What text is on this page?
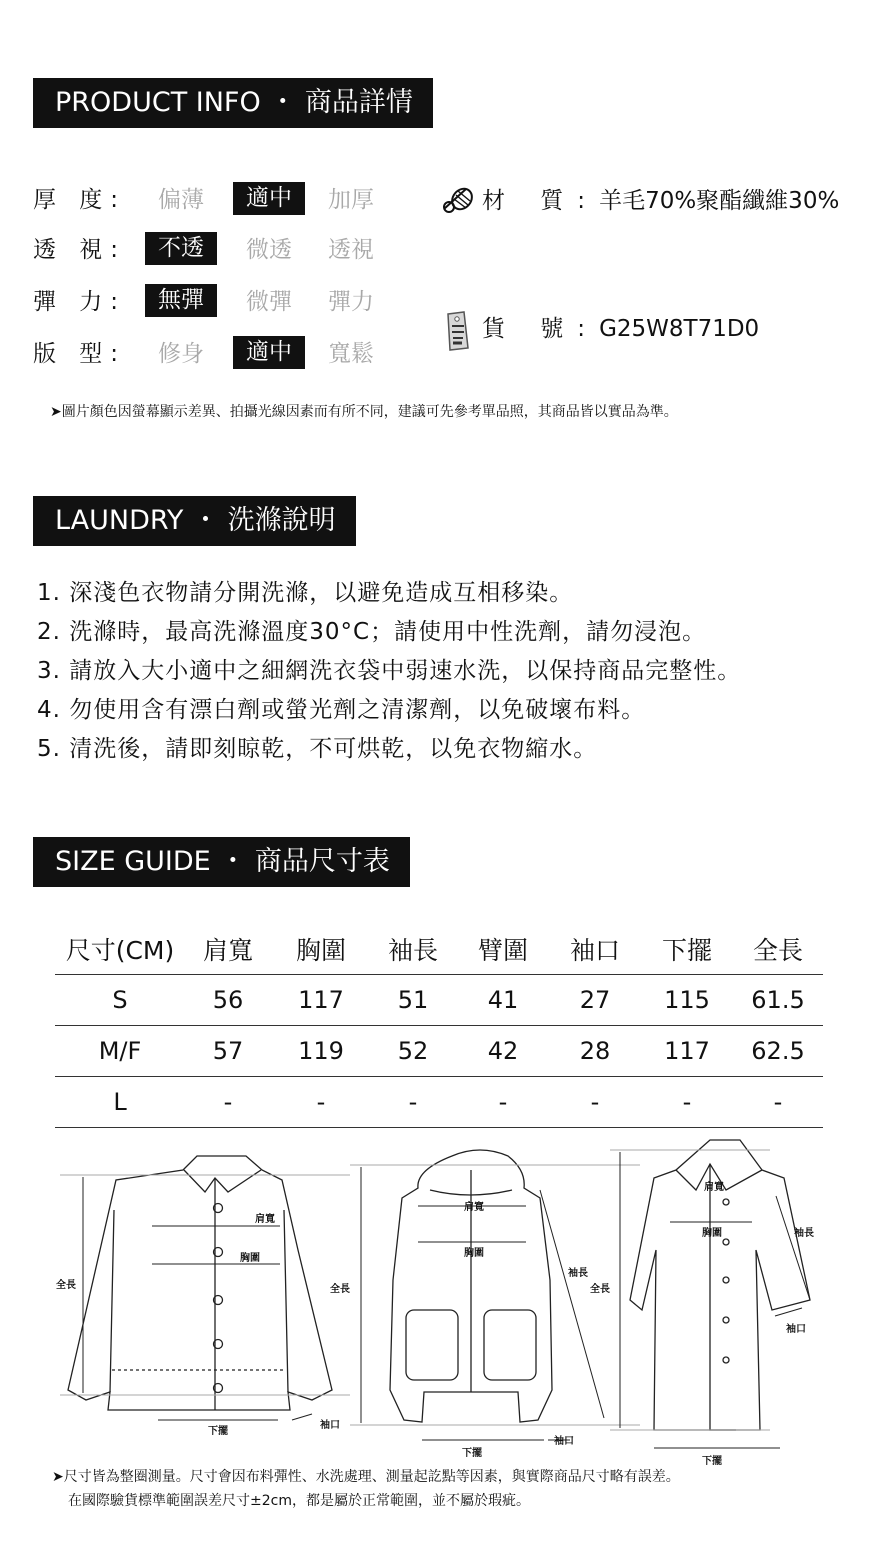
PRODUCT INFO ・ 商品詳情
厚 度:	偏薄	適中	加厚
透 視:	不透	微透	透視
彈 力:	無彈	微彈	彈力
版 型:	修身	適中	寬鬆
材 質:羊毛70%聚酯纖維30%
貨 號:G25W8T71D0
➤圖片顏色因螢幕顯示差異、拍攝光線因素而有所不同，建議可先參考單品照，其商品皆以實品為準。
LAUNDRY ・ 洗滌說明
1. 深淺色衣物請分開洗滌，以避免造成互相移染。
2. 洗滌時，最高洗滌溫度30°C；請使用中性洗劑，請勿浸泡。
3. 請放入大小適中之細網洗衣袋中弱速水洗，以保持商品完整性。
4. 勿使用含有漂白劑或螢光劑之清潔劑，以免破壞布料。
5. 清洗後，請即刻晾乾，不可烘乾，以免衣物縮水。
SIZE GUIDE ・ 商品尺寸表
尺寸(CM)	肩寬	胸圍	袖長	臂圍	袖口	下擺	全長
S	56	117	51	41	27	115	61.5
M/F	57	119	52	42	28	117	62.5
L	-	-	-	-	-	-	-
肩寬
胸圍
全長
下擺
袖口
肩寬
胸圍
全長
袖長
下擺
袖口
肩寬
胸圍
全長
袖長
袖口
下擺
➤尺寸皆為整圈測量。尺寸會因布料彈性、水洗處理、測量起訖點等因素，與實際商品尺寸略有誤差。
在國際驗貨標準範圍誤差尺寸±2cm，都是屬於正常範圍，並不屬於瑕疵。
